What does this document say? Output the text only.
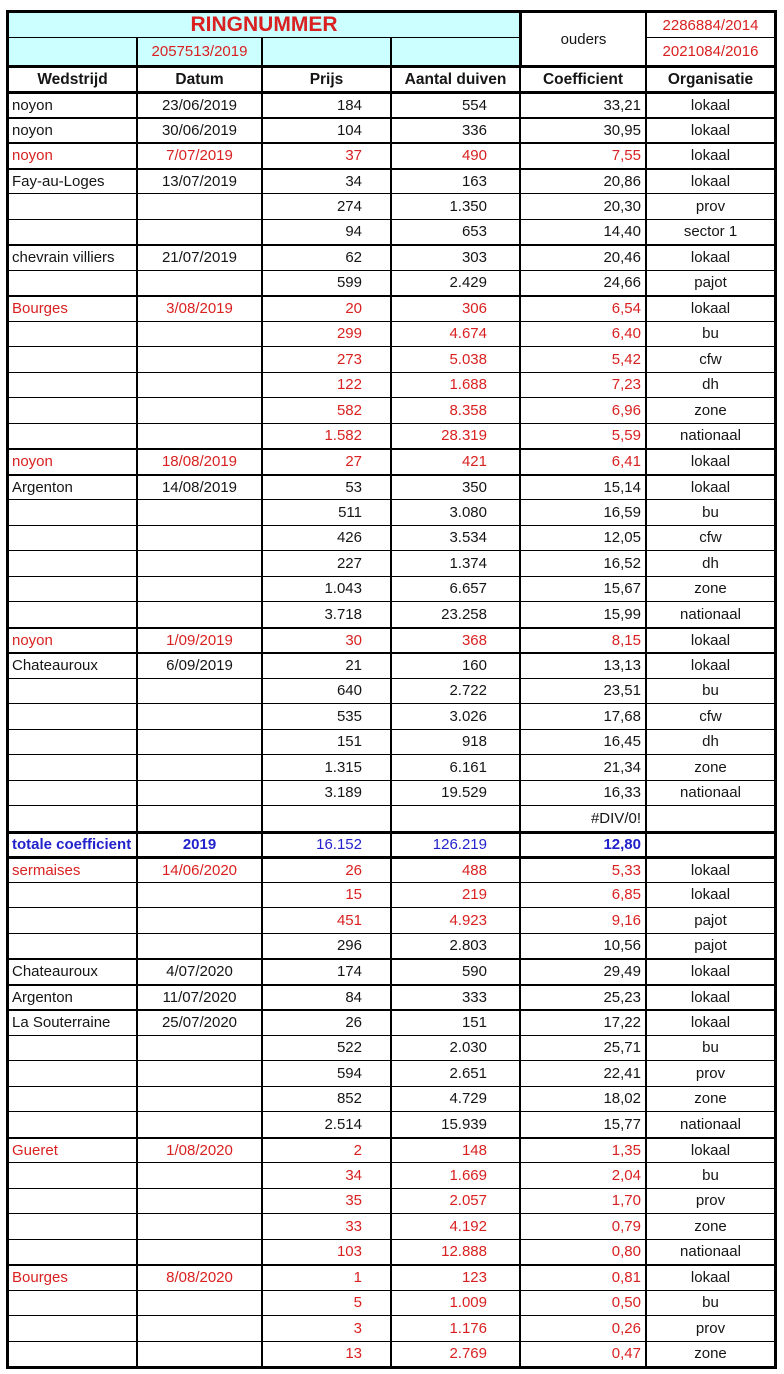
RINGNUMMER				ouders	2286884/2014
	2057513/2019				2021084/2016
Wedstrijd	Datum	Prijs	Aantal duiven	Coefficient	Organisatie
noyon	23/06/2019	184	554	33,21	lokaal
noyon	30/06/2019	104	336	30,95	lokaal
noyon	7/07/2019	37	490	7,55	lokaal
Fay-au-Loges	13/07/2019	34	163	20,86	lokaal
		274	1.350	20,30	prov
		94	653	14,40	sector 1
chevrain villiers	21/07/2019	62	303	20,46	lokaal
		599	2.429	24,66	pajot
Bourges	3/08/2019	20	306	6,54	lokaal
		299	4.674	6,40	bu
		273	5.038	5,42	cfw
		122	1.688	7,23	dh
		582	8.358	6,96	zone
		1.582	28.319	5,59	nationaal
noyon	18/08/2019	27	421	6,41	lokaal
Argenton	14/08/2019	53	350	15,14	lokaal
		511	3.080	16,59	bu
		426	3.534	12,05	cfw
		227	1.374	16,52	dh
		1.043	6.657	15,67	zone
		3.718	23.258	15,99	nationaal
noyon	1/09/2019	30	368	8,15	lokaal
Chateauroux	6/09/2019	21	160	13,13	lokaal
		640	2.722	23,51	bu
		535	3.026	17,68	cfw
		151	918	16,45	dh
		1.315	6.161	21,34	zone
		3.189	19.529	16,33	nationaal
				#DIV/0!	
totale coefficient	2019	16.152	126.219	12,80	
sermaises	14/06/2020	26	488	5,33	lokaal
		15	219	6,85	lokaal
		451	4.923	9,16	pajot
		296	2.803	10,56	pajot
Chateauroux	4/07/2020	174	590	29,49	lokaal
Argenton	11/07/2020	84	333	25,23	lokaal
La Souterraine	25/07/2020	26	151	17,22	lokaal
		522	2.030	25,71	bu
		594	2.651	22,41	prov
		852	4.729	18,02	zone
		2.514	15.939	15,77	nationaal
Gueret	1/08/2020	2	148	1,35	lokaal
		34	1.669	2,04	bu
		35	2.057	1,70	prov
		33	4.192	0,79	zone
		103	12.888	0,80	nationaal
Bourges	8/08/2020	1	123	0,81	lokaal
		5	1.009	0,50	bu
		3	1.176	0,26	prov
		13	2.769	0,47	zone
